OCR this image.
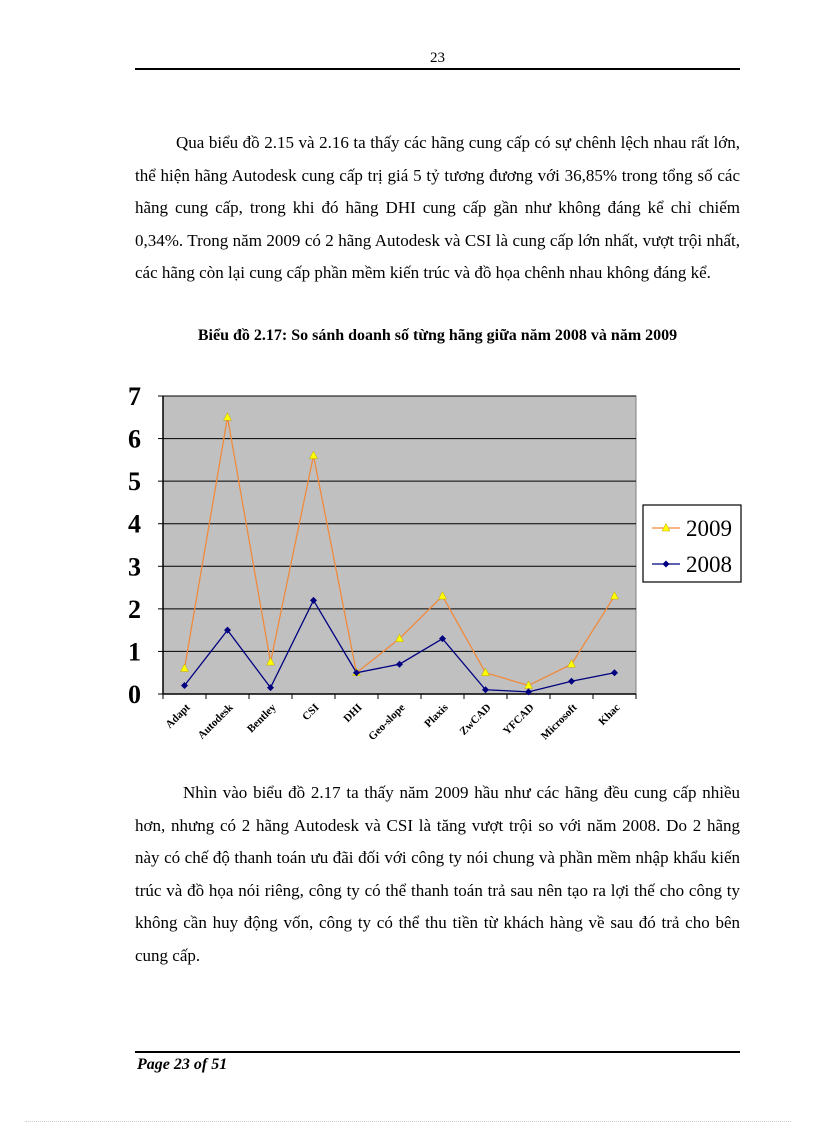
23

Qua biểu đồ 2.15 và 2.16 ta thấy các hãng cung cấp có sự chênh lệch nhau rất lớn, thể hiện hãng Autodesk cung cấp trị giá 5 tỷ tương đương với 36,85% trong tổng số các hãng cung cấp, trong khi đó hãng DHI cung cấp gần như không đáng kể chỉ chiếm 0,34%. Trong năm 2009 có 2 hãng Autodesk và CSI là cung cấp lớn nhất, vượt trội nhất, các hãng còn lại cung cấp phần mềm kiến trúc và đồ họa chênh nhau không đáng kể.

Biểu đồ 2.17: So sánh doanh số từng hãng giữa năm 2008 và năm 2009
0
1
2
3
4
5
6
7
Adapt Autodesk Bentley CSI DHI Geo-slope Plaxis ZwCAD YFCAD Microsoft Khac
2009
2008

Nhìn vào biểu đồ 2.17 ta thấy năm 2009 hầu như các hãng đều cung cấp nhiều hơn, nhưng có 2 hãng Autodesk và CSI là tăng vượt trội so với năm 2008. Do 2 hãng này có chế độ thanh toán ưu đãi đối với công ty nói chung và phần mềm nhập khẩu kiến trúc và đồ họa nói riêng, công ty có thể thanh toán trả sau nên tạo ra lợi thế cho công ty không cần huy động vốn, công ty có thể thu tiền từ khách hàng về sau đó trả cho bên cung cấp.

Page 23 of 51
